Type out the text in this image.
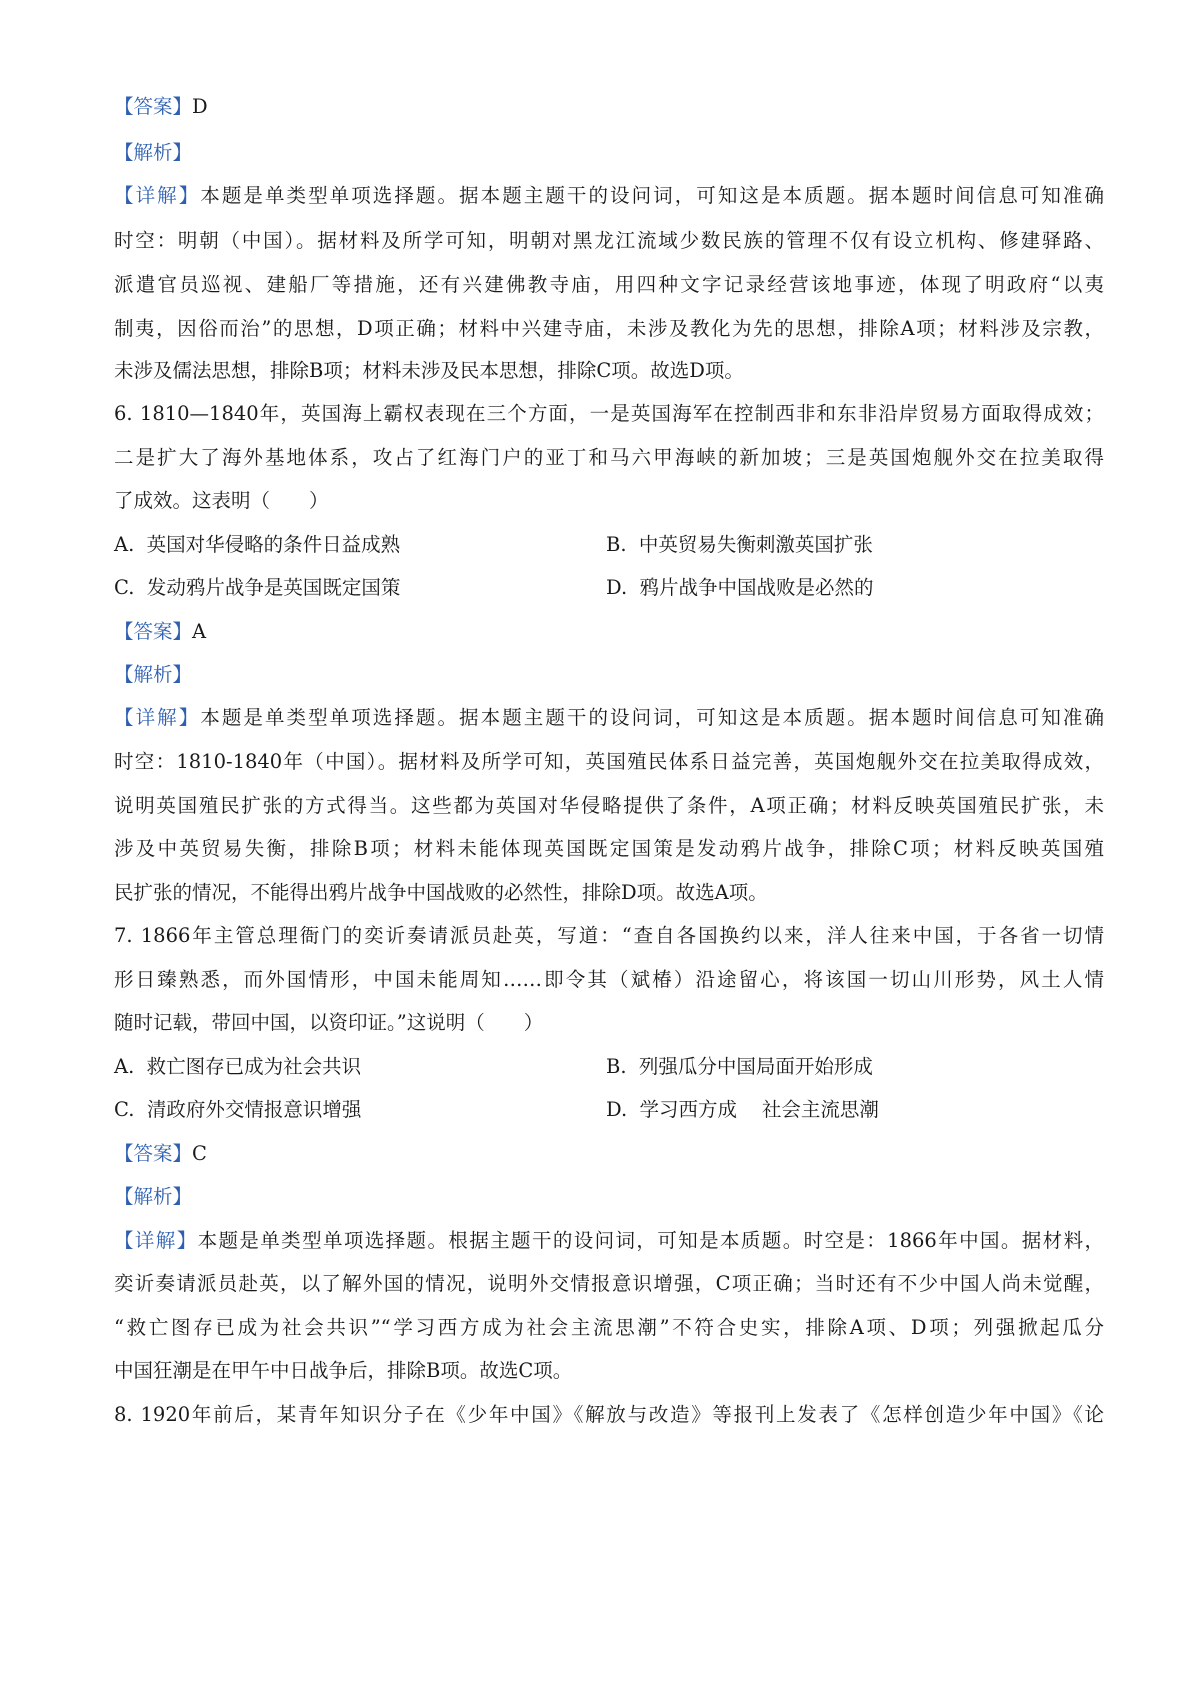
【答案】D
【解析】
【详解】本题是单类型单项选择题。据本题主题干的设问词，可知这是本质题。据本题时间信息可知准确
时空：明朝（中国）。据材料及所学可知，明朝对黑龙江流域少数民族的管理不仅有设立机构、修建驿路、
派遣官员巡视、建船厂等措施，还有兴建佛教寺庙，用四种文字记录经营该地事迹，体现了明政府“以夷
制夷，因俗而治”的思想，D项正确；材料中兴建寺庙，未涉及教化为先的思想，排除A项；材料涉及宗教，
未涉及儒法思想，排除B项；材料未涉及民本思想，排除C项。故选D项。
6. 1810—1840年，英国海上霸权表现在三个方面，一是英国海军在控制西非和东非沿岸贸易方面取得成效；
二是扩大了海外基地体系，攻占了红海门户的亚丁和马六甲海峡的新加坡；三是英国炮舰外交在拉美取得
了成效。这表明（　　）
A.  英国对华侵略的条件日益成熟	B.  中英贸易失衡刺激英国扩张
C.  发动鸦片战争是英国既定国策	D.  鸦片战争中国战败是必然的
【答案】A
【解析】
【详解】本题是单类型单项选择题。据本题主题干的设问词，可知这是本质题。据本题时间信息可知准确
时空：1810-1840年（中国）。据材料及所学可知，英国殖民体系日益完善，英国炮舰外交在拉美取得成效，
说明英国殖民扩张的方式得当。这些都为英国对华侵略提供了条件，A项正确；材料反映英国殖民扩张，未
涉及中英贸易失衡，排除B项；材料未能体现英国既定国策是发动鸦片战争，排除C项；材料反映英国殖
民扩张的情况，不能得出鸦片战争中国战败的必然性，排除D项。故选A项。
7. 1866年主管总理衙门的奕䜣奏请派员赴英，写道：“查自各国换约以来，洋人往来中国，于各省一切情
形日臻熟悉，而外国情形，中国未能周知……即令其（斌椿）沿途留心，将该国一切山川形势，风土人情
随时记载，带回中国，以资印证。”这说明（　　）
A.  救亡图存已成为社会共识	B.  列强瓜分中国局面开始形成
C.  清政府外交情报意识增强	D.  学习西方成    社会主流思潮
【答案】C
【解析】
【详解】本题是单类型单项选择题。根据主题干的设问词，可知是本质题。时空是：1866年中国。据材料，
奕䜣奏请派员赴英，以了解外国的情况，说明外交情报意识增强，C项正确；当时还有不少中国人尚未觉醒，
“救亡图存已成为社会共识”“学习西方成为社会主流思潮”不符合史实，排除A项、D项；列强掀起瓜分
中国狂潮是在甲午中日战争后，排除B项。故选C项。
8. 1920年前后，某青年知识分子在《少年中国》《解放与改造》等报刊上发表了《怎样创造少年中国》《论
